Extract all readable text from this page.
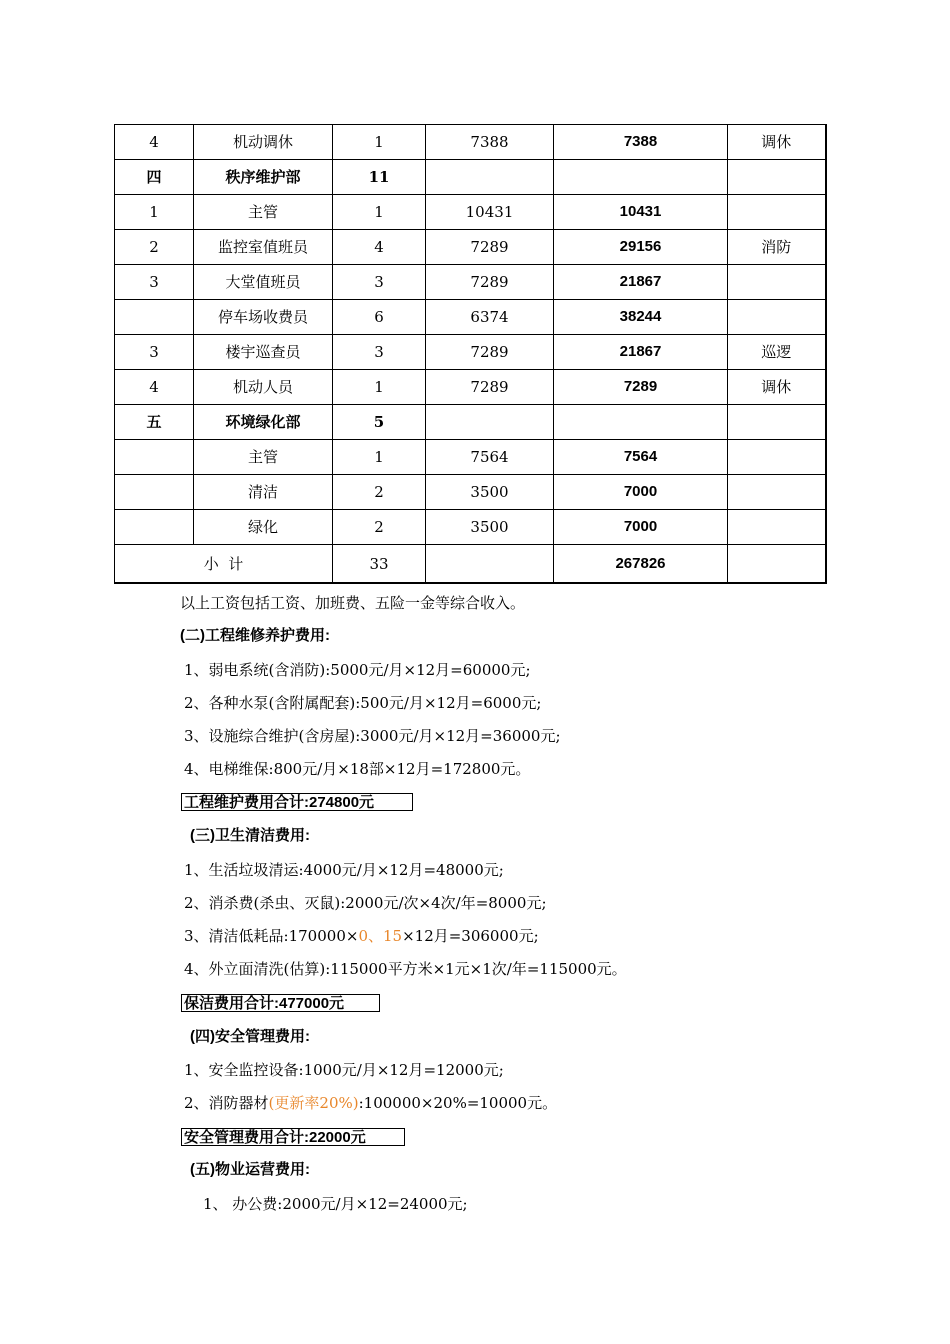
4	机动调休	1	7388	7388	调休
四	秩序维护部	11			
1	主管	1	10431	10431	
2	监控室值班员	4	7289	29156	消防
3	大堂值班员	3	7289	21867	
	停车场收费员	6	6374	38244	
3	楼宇巡查员	3	7289	21867	巡逻
4	机动人员	1	7289	7289	调休
五	环境绿化部	5			
	主管	1	7564	7564	
	清洁	2	3500	7000	
	绿化	2	3500	7000	
小  计		33		267826	
以上工资包括工资、加班费、五险一金等综合收入。
(二)工程维修养护费用:
1、弱电系统(含消防):5000元/月×12月=60000元;
2、各种水泵(含附属配套):500元/月×12月=6000元;
3、设施综合维护(含房屋):3000元/月×12月=36000元;
4、电梯维保:800元/月×18部×12月=172800元。
工程维护费用合计:274800元
(三)卫生清洁费用:
1、生活垃圾清运:4000元/月×12月=48000元;
2、消杀费(杀虫、灭鼠):2000元/次×4次/年=8000元;
3、清洁低耗品:170000×0、15×12月=306000元;
4、外立面清洗(估算):115000平方米×1元×1次/年=115000元。
保洁费用合计:477000元
(四)安全管理费用:
1、安全监控设备:1000元/月×12月=12000元;
2、消防器材(更新率20%):100000×20%=10000元。
安全管理费用合计:22000元
(五)物业运营费用:
1、 办公费:2000元/月×12=24000元;
